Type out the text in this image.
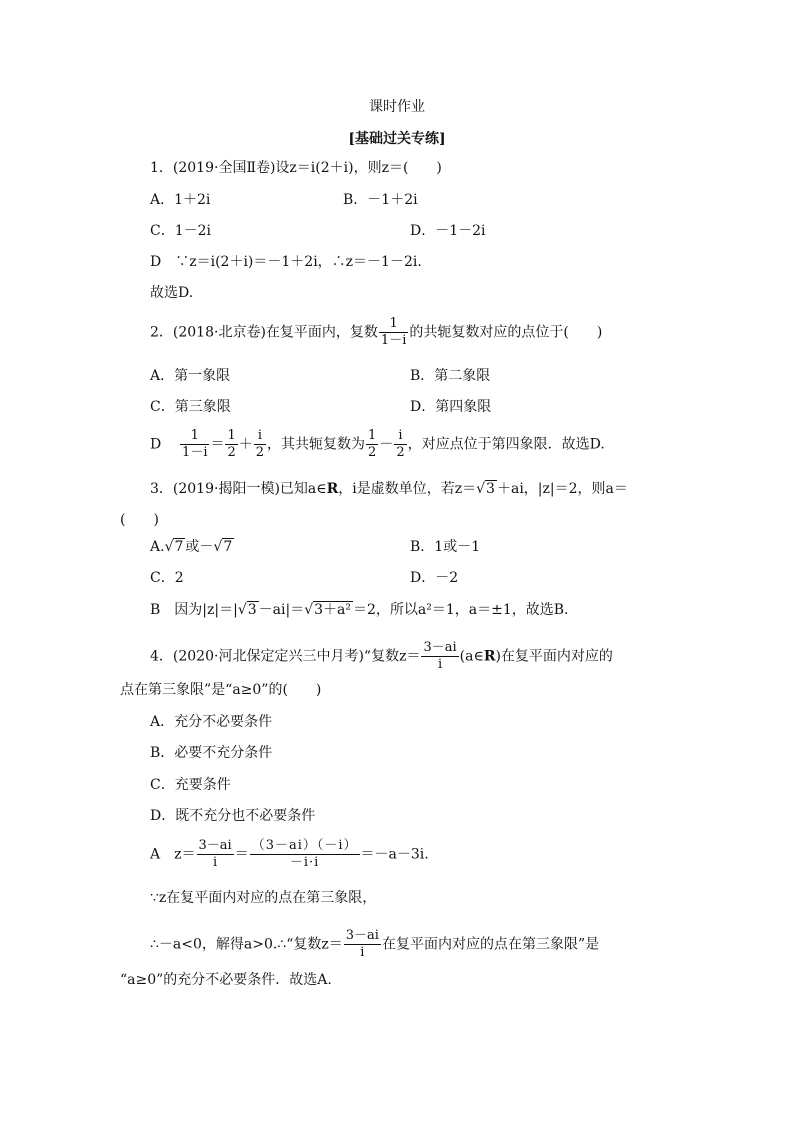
课时作业
[基础过关专练]
1．(2019·全国Ⅱ卷)设z＝i(2＋i)，则z＝(　　)
A．1＋2i	B．－1＋2i
C．1－2i	D．－1－2i
D　∵z＝i(2＋i)＝－1＋2i，∴z＝－1－2i.
故选D.
2．(2018·北京卷)在复平面内，复数 $\frac{1}{1-i}$ 的共轭复数对应的点位于(　　)
A．第一象限	B．第二象限
C．第三象限	D．第四象限
D $\frac{1}{1-i} = \frac{1}{2} + \frac{i}{2}$ ，其共轭复数为 $\frac{1}{2} - \frac{i}{2}$ ，对应点位于第四象限．故选D.
3．(2019·揭阳一模)已知a∈R，i是虚数单位，若z＝√3 ＋ai，|z|＝2，则a＝
(　　)
A.√7 或－√7	B．1或－1
C．2	D．－2
B　因为|z|＝|√3 －ai|＝√3＋a² ＝2，所以a²＝1，a＝±1，故选B.
4．(2020·河北保定定兴三中月考)“复数$z= \frac{3-ai}{i}$ (a∈R)在复平面内对应的
点在第三象限”是“a≥0”的(　　)
A．充分不必要条件
B．必要不充分条件
C．充要条件
D．既不充分也不必要条件
A　$z= \frac{3-ai}{i} = \frac{(3-ai)(-i)}{-i\cdot i} =-a-3i$.
∵z在复平面内对应的点在第三象限，
∴－a<0，解得a>0.∴“复数$z= \frac{3-ai}{i}$ 在复平面内对应的点在第三象限”是
“a≥0”的充分不必要条件．故选A.
